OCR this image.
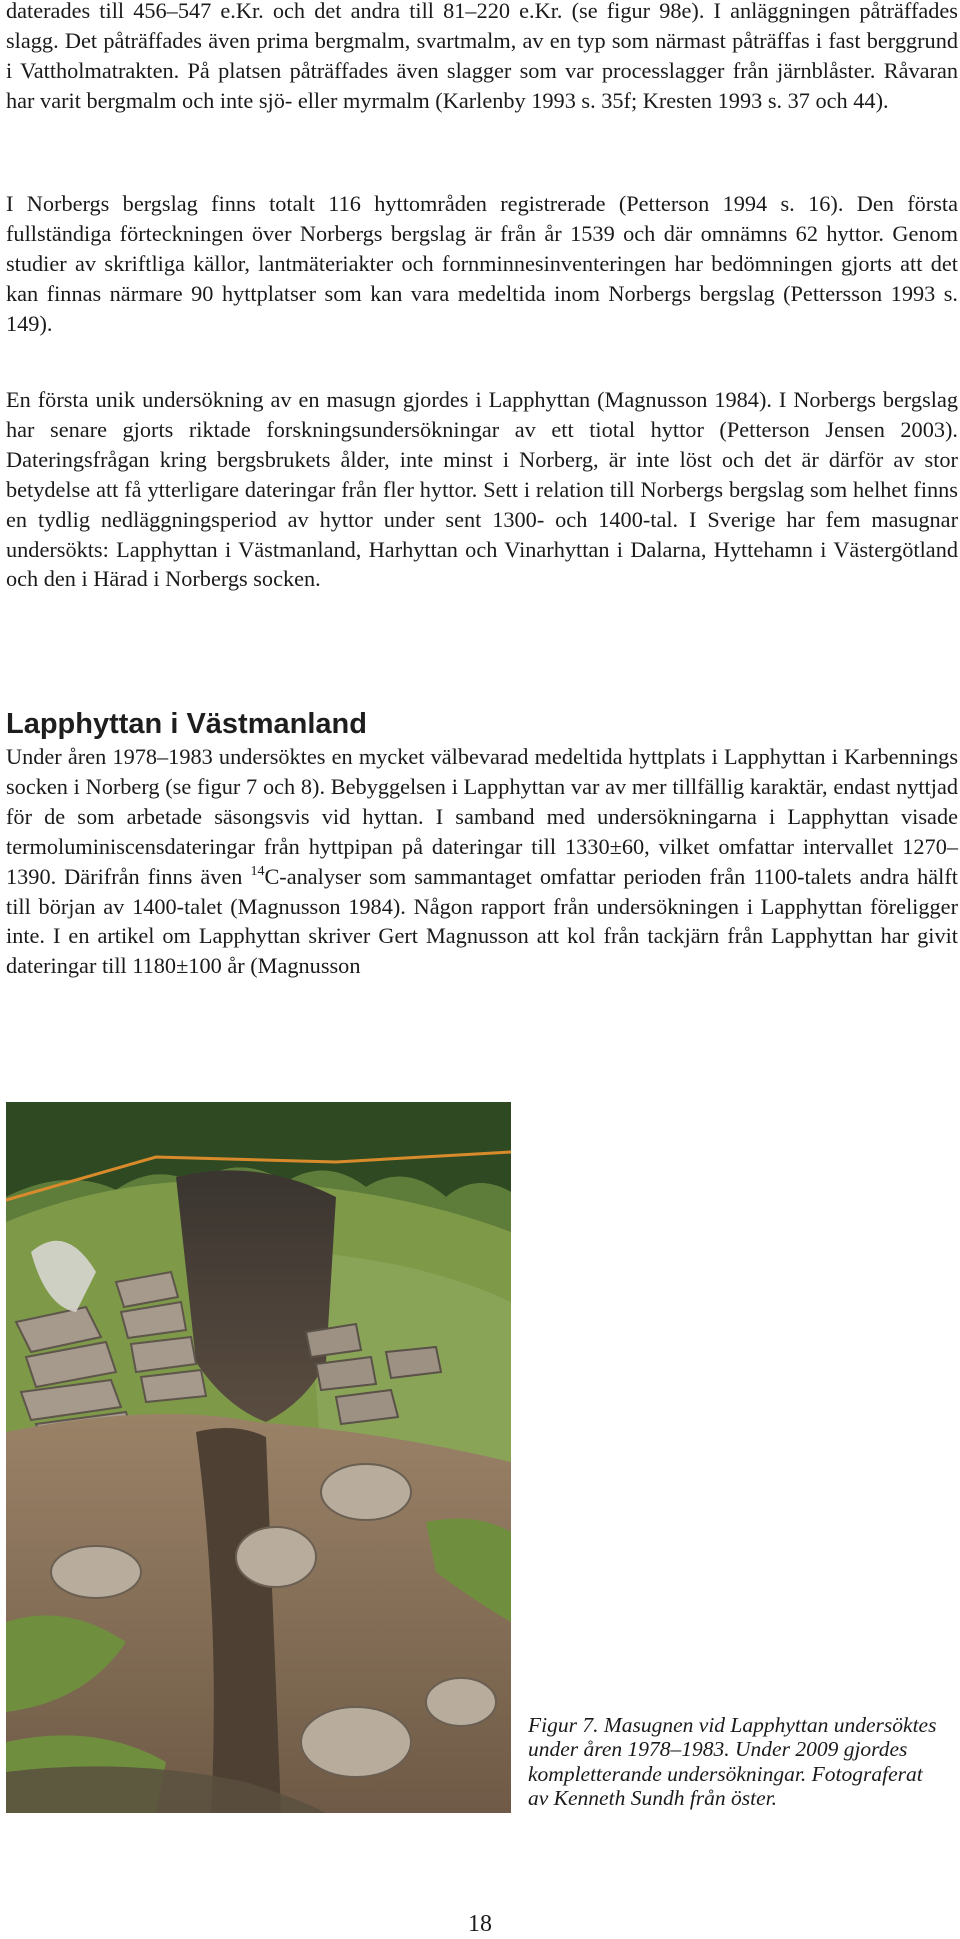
daterades till 456–547 e.Kr. och det andra till 81–220 e.Kr. (se figur 98e). I anläggningen påträffades slagg. Det påträffades även prima bergmalm, svartmalm, av en typ som närmast påträffas i fast berggrund i Vattholmatrakten. På platsen påträffades även slagger som var processlagger från järnblåster. Råvaran har varit bergmalm och inte sjö- eller myrmalm (Karlenby 1993 s. 35f; Kresten 1993 s. 37 och 44).

I Norbergs bergslag finns totalt 116 hyttområden registrerade (Petterson 1994 s. 16). Den första fullständiga förteckningen över Norbergs bergslag är från år 1539 och där omnämns 62 hyttor. Genom studier av skriftliga källor, lantmäteriakter och fornminnesinventeringen har bedömningen gjorts att det kan finnas närmare 90 hyttplatser som kan vara medeltida inom Norbergs bergslag (Pettersson 1993 s. 149).

En första unik undersökning av en masugn gjordes i Lapphyttan (Magnusson 1984). I Norbergs bergslag har senare gjorts riktade forskningsundersökningar av ett tiotal hyttor (Petterson Jensen 2003). Dateringsfrågan kring bergsbrukets ålder, inte minst i Norberg, är inte löst och det är därför av stor betydelse att få ytterligare dateringar från fler hyttor. Sett i relation till Norbergs bergslag som helhet finns en tydlig nedläggningsperiod av hyttor under sent 1300- och 1400-tal. I Sverige har fem masugnar undersökts: Lapphyttan i Västmanland, Harhyttan och Vinarhyttan i Dalarna, Hyttehamn i Västergötland och den i Härad i Norbergs socken.

Lapphyttan i Västmanland

Under åren 1978–1983 undersöktes en mycket välbevarad medeltida hyttplats i Lapphyttan i Karbennings socken i Norberg (se figur 7 och 8). Bebyggelsen i Lapphyttan var av mer tillfällig karaktär, endast nyttjad för de som arbetade säsongsvis vid hyttan. I samband med undersökningarna i Lapphyttan visade termoluminiscensdateringar från hyttpipan på dateringar till 1330±60, vilket omfattar intervallet 1270–1390. Därifrån finns även $^{14}$C-analyser som sammantaget omfattar perioden från 1100-talets andra hälft till början av 1400-talet (Magnusson 1984). Någon rapport från undersökningen i Lapphyttan föreligger inte. I en artikel om Lapphyttan skriver Gert Magnusson att kol från tackjärn från Lapphyttan har givit dateringar till 1180±100 år (Magnusson

Figur 7. Masugnen vid Lapphyttan undersöktes under åren 1978–1983. Under 2009 gjordes kompletterande undersökningar. Fotograferat av Kenneth Sundh från öster.

18
